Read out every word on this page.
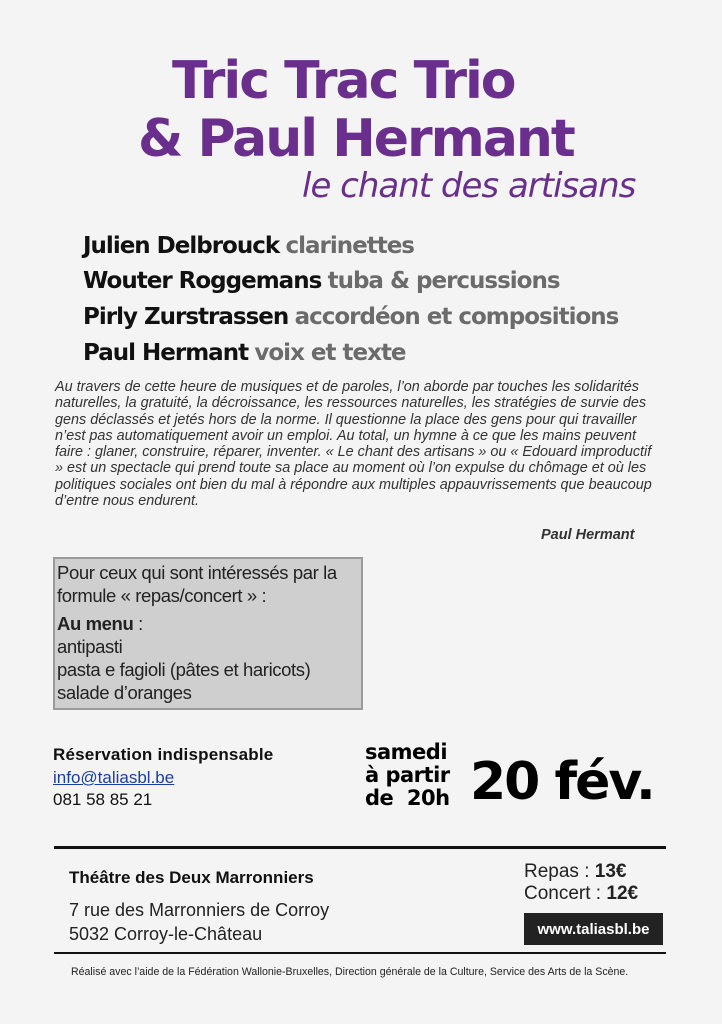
Tric Trac Trio
& Paul Hermant
le chant des artisans
Julien Delbrouck clarinettes
Wouter Roggemans tuba & percussions
Pirly Zurstrassen accordéon et compositions
Paul Hermant voix et texte
Au travers de cette heure de musiques et de paroles, l’on aborde par touches les solidarités naturelles, la gratuité, la décroissance, les ressources naturelles, les stratégies de survie des gens déclassés et jetés hors de la norme. Il questionne la place des gens pour qui travailler n’est pas automatiquement avoir un emploi. Au total, un hymne à ce que les mains peuvent faire : glaner, construire, réparer, inventer. « Le chant des artisans » ou « Edouard improductif » est un spectacle qui prend toute sa place au moment où l’on expulse du chômage et où les politiques sociales ont bien du mal à répondre aux multiples appauvrissements que beaucoup d’entre nous endurent.
Paul Hermant
Pour ceux qui sont intéressés par la formule « repas/concert » :
Au menu :
antipasti
pasta e fagioli (pâtes et haricots)
salade d’oranges
Réservation indispensable
info@taliasbl.be
081 58 85 21
samedi
à partir
de  20h 20 fév.
Théâtre des Deux Marronniers
7 rue des Marronniers de Corroy
5032 Corroy-le-Château
Repas : 13€
Concert : 12€
www.taliasbl.be
Réalisé avec l’aide de la Fédération Wallonie-Bruxelles, Direction générale de la Culture, Service des Arts de la Scène.
